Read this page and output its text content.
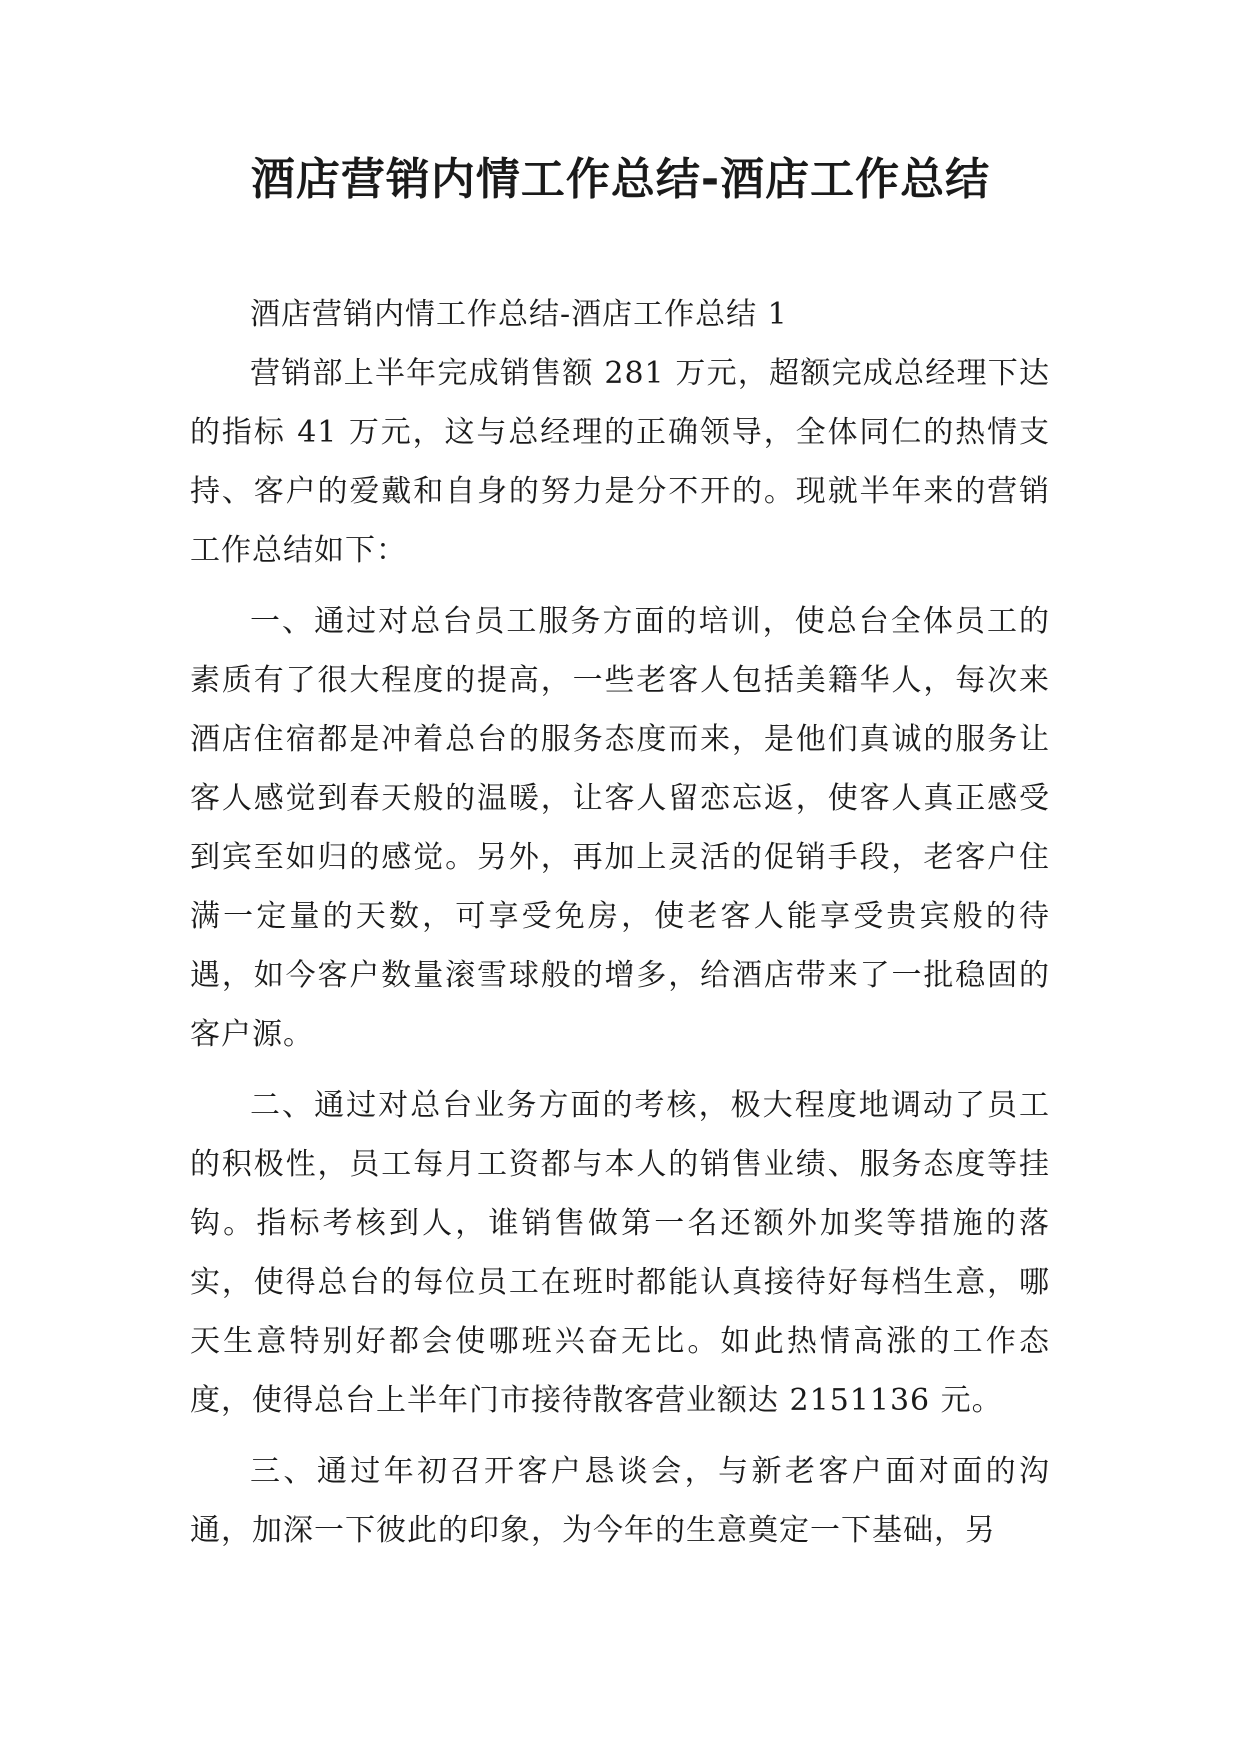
酒店营销内情工作总结-酒店工作总结

酒店营销内情工作总结-酒店工作总结 1

营销部上半年完成销售额 281 万元，超额完成总经理下达的指标 41 万元，这与总经理的正确领导，全体同仁的热情支持、客户的爱戴和自身的努力是分不开的。现就半年来的营销工作总结如下：

一、通过对总台员工服务方面的培训，使总台全体员工的素质有了很大程度的提高，一些老客人包括美籍华人，每次来酒店住宿都是冲着总台的服务态度而来，是他们真诚的服务让客人感觉到春天般的温暖，让客人留恋忘返，使客人真正感受到宾至如归的感觉。另外，再加上灵活的促销手段，老客户住满一定量的天数，可享受免房，使老客人能享受贵宾般的待遇，如今客户数量滚雪球般的增多，给酒店带来了一批稳固的客户源。

二、通过对总台业务方面的考核，极大程度地调动了员工的积极性，员工每月工资都与本人的销售业绩、服务态度等挂钩。指标考核到人，谁销售做第一名还额外加奖等措施的落实，使得总台的每位员工在班时都能认真接待好每档生意，哪天生意特别好都会使哪班兴奋无比。如此热情高涨的工作态度，使得总台上半年门市接待散客营业额达 2151136 元。

三、通过年初召开客户恳谈会，与新老客户面对面的沟通，加深一下彼此的印象，为今年的生意奠定一下基础，另
